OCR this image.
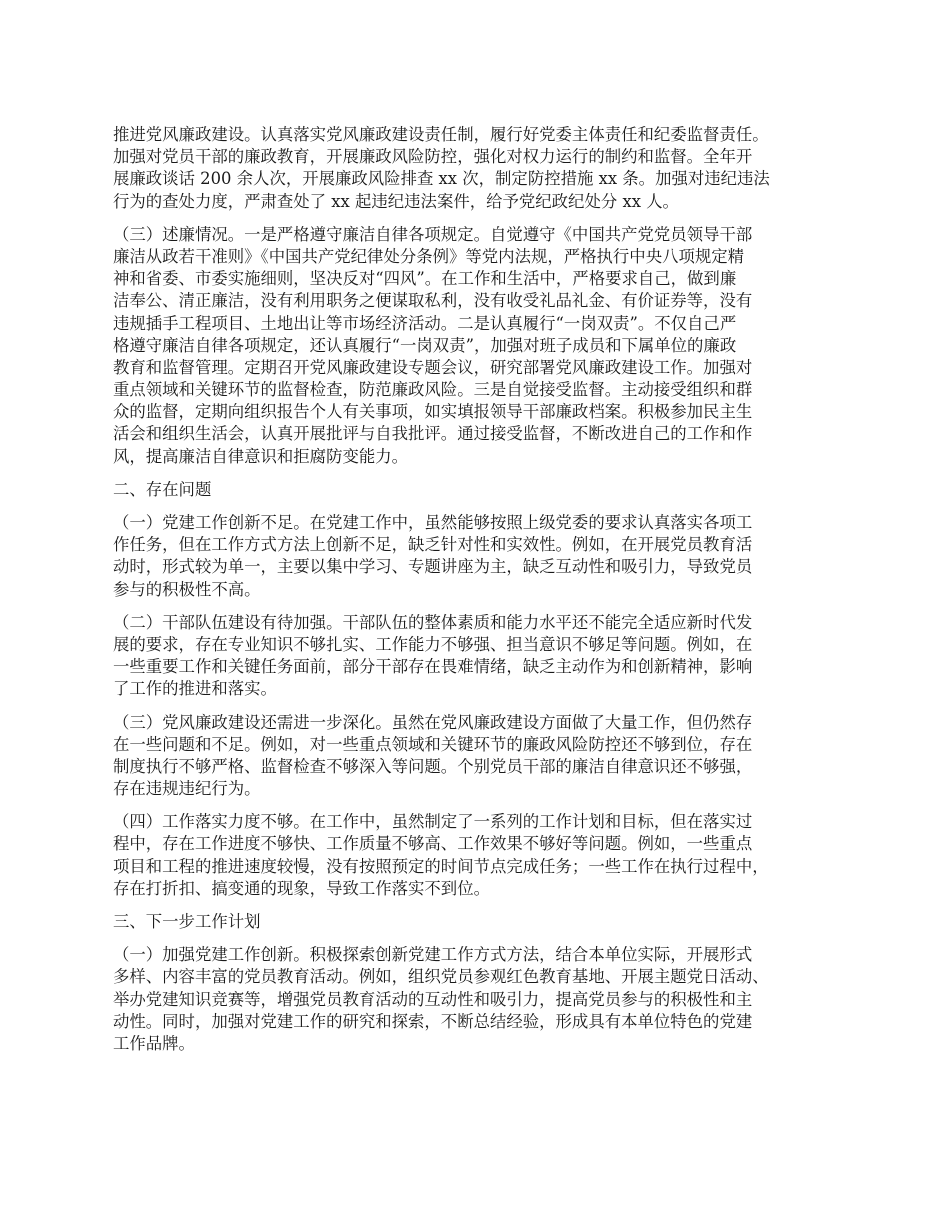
推进党风廉政建设。认真落实党风廉政建设责任制，履行好党委主体责任和纪委监督责任。
加强对党员干部的廉政教育，开展廉政风险防控，强化对权力运行的制约和监督。全年开
展廉政谈话 200 余人次，开展廉政风险排查 xx 次，制定防控措施 xx 条。加强对违纪违法
行为的查处力度，严肃查处了 xx 起违纪违法案件，给予党纪政纪处分 xx 人。
（三）述廉情况。一是严格遵守廉洁自律各项规定。自觉遵守《中国共产党党员领导干部
廉洁从政若干准则》《中国共产党纪律处分条例》等党内法规，严格执行中央八项规定精
神和省委、市委实施细则，坚决反对“四风”。在工作和生活中，严格要求自己，做到廉
洁奉公、清正廉洁，没有利用职务之便谋取私利，没有收受礼品礼金、有价证券等，没有
违规插手工程项目、土地出让等市场经济活动。二是认真履行“一岗双责”。不仅自己严
格遵守廉洁自律各项规定，还认真履行“一岗双责”，加强对班子成员和下属单位的廉政
教育和监督管理。定期召开党风廉政建设专题会议，研究部署党风廉政建设工作。加强对
重点领域和关键环节的监督检查，防范廉政风险。三是自觉接受监督。主动接受组织和群
众的监督，定期向组织报告个人有关事项，如实填报领导干部廉政档案。积极参加民主生
活会和组织生活会，认真开展批评与自我批评。通过接受监督，不断改进自己的工作和作
风，提高廉洁自律意识和拒腐防变能力。
二、存在问题
（一）党建工作创新不足。在党建工作中，虽然能够按照上级党委的要求认真落实各项工
作任务，但在工作方式方法上创新不足，缺乏针对性和实效性。例如，在开展党员教育活
动时，形式较为单一，主要以集中学习、专题讲座为主，缺乏互动性和吸引力，导致党员
参与的积极性不高。
（二）干部队伍建设有待加强。干部队伍的整体素质和能力水平还不能完全适应新时代发
展的要求，存在专业知识不够扎实、工作能力不够强、担当意识不够足等问题。例如，在
一些重要工作和关键任务面前，部分干部存在畏难情绪，缺乏主动作为和创新精神，影响
了工作的推进和落实。
（三）党风廉政建设还需进一步深化。虽然在党风廉政建设方面做了大量工作，但仍然存
在一些问题和不足。例如，对一些重点领域和关键环节的廉政风险防控还不够到位，存在
制度执行不够严格、监督检查不够深入等问题。个别党员干部的廉洁自律意识还不够强，
存在违规违纪行为。
（四）工作落实力度不够。在工作中，虽然制定了一系列的工作计划和目标，但在落实过
程中，存在工作进度不够快、工作质量不够高、工作效果不够好等问题。例如，一些重点
项目和工程的推进速度较慢，没有按照预定的时间节点完成任务；一些工作在执行过程中，
存在打折扣、搞变通的现象，导致工作落实不到位。
三、下一步工作计划
（一）加强党建工作创新。积极探索创新党建工作方式方法，结合本单位实际，开展形式
多样、内容丰富的党员教育活动。例如，组织党员参观红色教育基地、开展主题党日活动、
举办党建知识竞赛等，增强党员教育活动的互动性和吸引力，提高党员参与的积极性和主
动性。同时，加强对党建工作的研究和探索，不断总结经验，形成具有本单位特色的党建
工作品牌。
